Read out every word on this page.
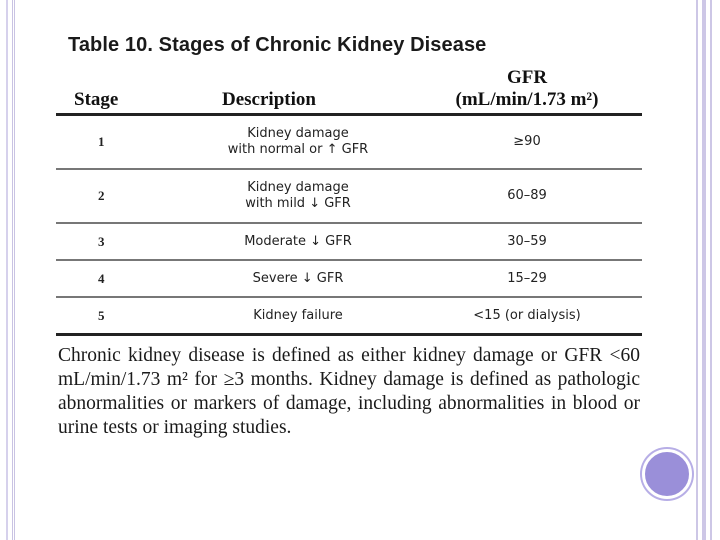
Table 10. Stages of Chronic Kidney Disease
Stage	Description	GFR
(mL/min/1.73 m²)

1	Kidney damage
with normal or ↑ GFR	≥90
2	Kidney damage
with mild ↓ GFR	60–89
3	Moderate ↓ GFR	30–59
4	Severe ↓ GFR	15–29
5	Kidney failure	<15 (or dialysis)

Chronic kidney disease is defined as either kidney damage or GFR <60 mL/min/1.73 m² for ≥3 months. Kidney damage is defined as pathologic abnormalities or markers of damage, including abnormalities in blood or urine tests or imaging studies.
